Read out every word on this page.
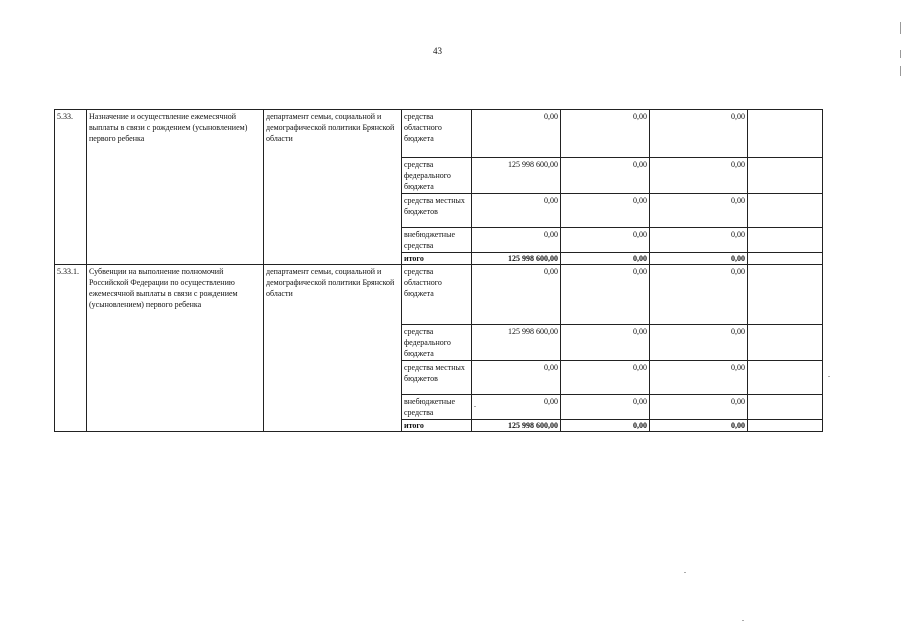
43
5.33.	Назначение и осуществление ежемесячной выплаты в связи с рождением (усыновлением) первого ребенка	департамент семьи, социальной и демографической политики Брянской области	средства областного бюджета	0,00	0,00	0,00	
			средства федерального бюджета	125 998 600,00	0,00	0,00	
			средства местных бюджетов	0,00	0,00	0,00	
			внебюджетные средства	0,00	0,00	0,00	
			итого	125 998 600,00	0,00	0,00	
5.33.1.	Субвенции на выполнение полномочий Российской Федерации по осуществлению ежемесячной выплаты в связи с рождением (усыновлением) первого ребенка	департамент семьи, социальной и демографической политики Брянской области	средства областного бюджета	0,00	0,00	0,00	
			средства федерального бюджета	125 998 600,00	0,00	0,00	
			средства местных бюджетов	0,00	0,00	0,00	
			внебюджетные средства	0,00	0,00	0,00	
			итого	125 998 600,00	0,00	0,00	
